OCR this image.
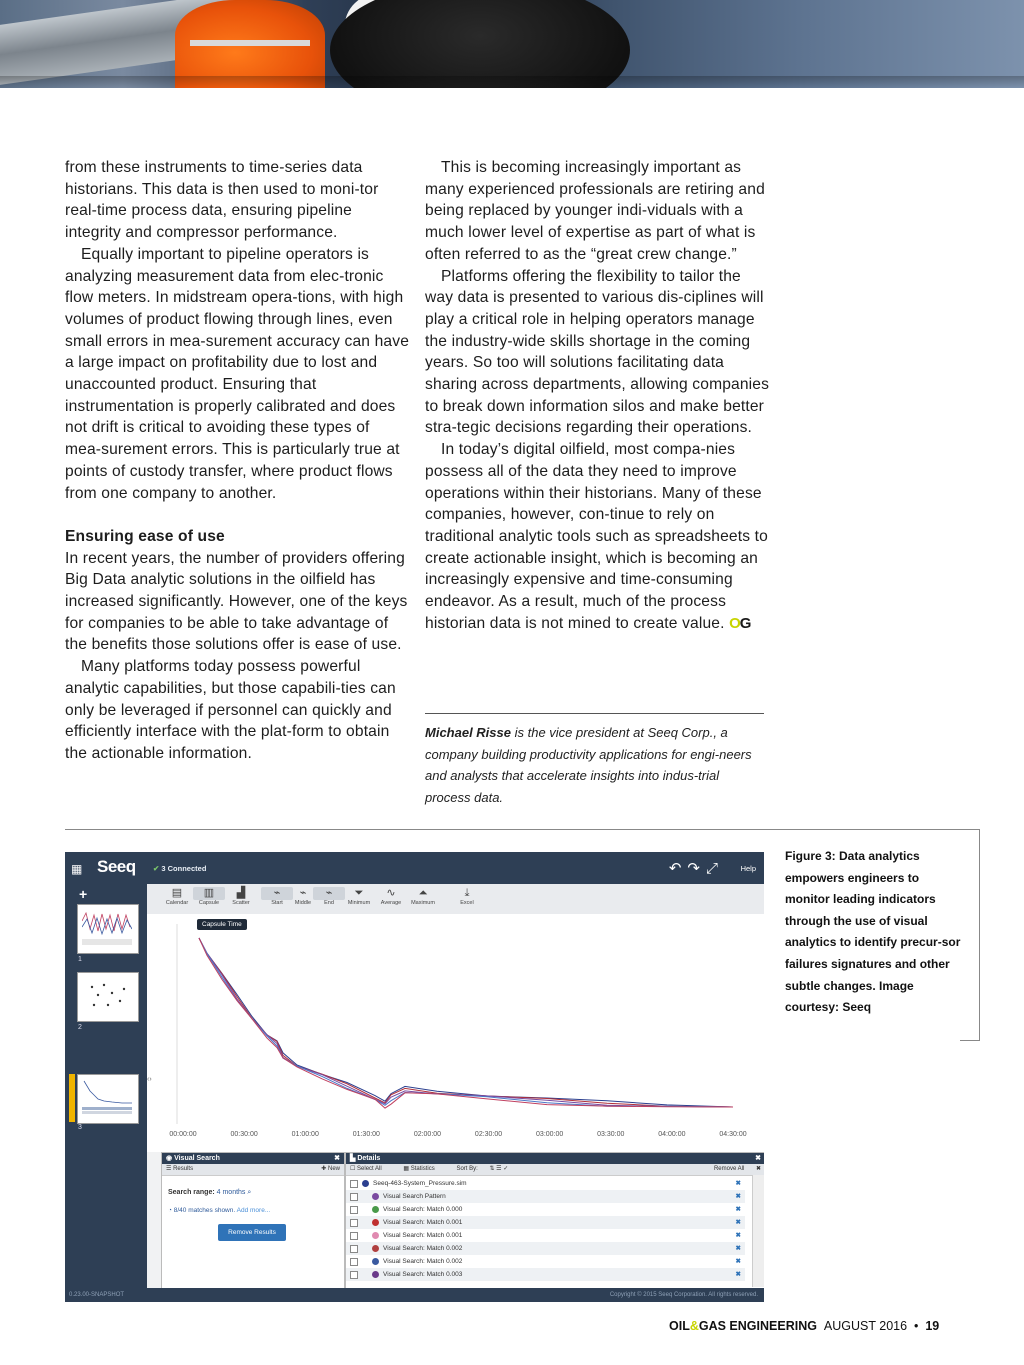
from these instruments to time-series data historians. This data is then used to moni-tor real-time process data, ensuring pipeline integrity and compressor performance.

Equally important to pipeline operators is analyzing measurement data from elec-tronic flow meters. In midstream opera-tions, with high volumes of product flowing through lines, even small errors in mea-surement accuracy can have a large impact on profitability due to lost and unaccounted product. Ensuring that instrumentation is properly calibrated and does not drift is critical to avoiding these types of mea-surement errors. This is particularly true at points of custody transfer, where product flows from one company to another.

Ensuring ease of use

In recent years, the number of providers offering Big Data analytic solutions in the oilfield has increased significantly. However, one of the keys for companies to be able to take advantage of the benefits those solutions offer is ease of use.

Many platforms today possess powerful analytic capabilities, but those capabili-ties can only be leveraged if personnel can quickly and efficiently interface with the plat-form to obtain the actionable information.

This is becoming increasingly important as many experienced professionals are retiring and being replaced by younger indi-viduals with a much lower level of expertise as part of what is often referred to as the “great crew change.”

Platforms offering the flexibility to tailor the way data is presented to various dis-ciplines will play a critical role in helping operators manage the industry-wide skills shortage in the coming years. So too will solutions facilitating data sharing across departments, allowing companies to break down information silos and make better stra-tegic decisions regarding their operations.

In today’s digital oilfield, most compa-nies possess all of the data they need to improve operations within their historians. Many of these companies, however, con-tinue to rely on traditional analytic tools such as spreadsheets to create actionable insight, which is becoming an increasingly expensive and time-consuming endeavor. As a result, much of the process historian data is not mined to create value. OG

Michael Risse is the vice president at Seeq Corp., a company building productivity applications for engi-neers and analysts that accelerate insights into indus-trial process data.
Figure 3: Data analytics empowers engineers to monitor leading indicators through the use of visual analytics to identify precur-sor failures signatures and other subtle changes. Image courtesy: Seeq
▦ Seeq ✔ 3 Connected	↶↷⤢ Help
+
1
2
3
▤
Calendar
▥
Capsule
▟
Scatter
⌁
Start
⌁
Middle
⌁
End
⏷
Minimum
∿
Average
⏶
Maximum
⤓
Excel
00:00:00	00:30:00	01:00:00	01:30:00	02:00:00	02:30:00	03:00:00	03:30:00	04:00:00	04:30:00
Capsule Time
‹›
◉ Visual Search	✖
☰ Results	✚ New
Search range: 4 months ⌕
◔ 8/40 matches shown. Add more...
Remove Results
▙ Details	✖
☐ Select All	▦ Statistics	Sort By: ⇅ ☰ ✓	Remove All ✖
Seeq-463-System_Pressure.sim	✖
Visual Search Pattern	✖
Visual Search: Match 0.000	✖
Visual Search: Match 0.001	✖
Visual Search: Match 0.001	✖
Visual Search: Match 0.002	✖
Visual Search: Match 0.002	✖
Visual Search: Match 0.003	✖
0.23.00-SNAPSHOT	Copyright © 2015 Seeq Corporation. All rights reserved.
OIL&GAS ENGINEERING AUGUST 2016 • 19
